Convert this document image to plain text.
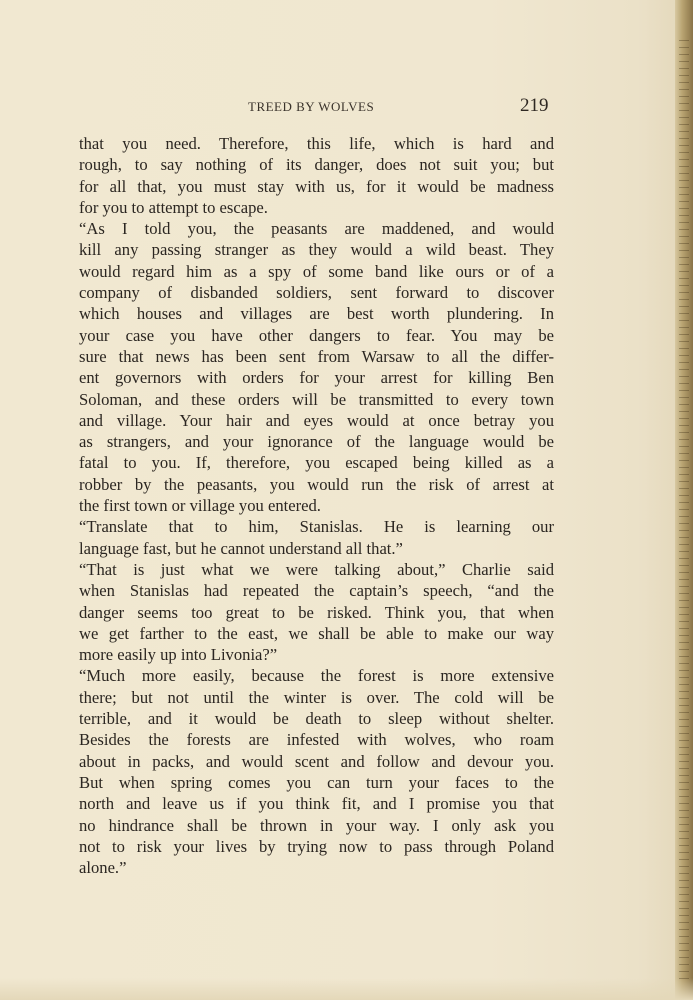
TREED BY WOLVES	219
that you need. Therefore, this life, which is hard and
rough, to say nothing of its danger, does not suit you; but
for all that, you must stay with us, for it would be madness
for you to attempt to escape.
“As I told you, the peasants are maddened, and would
kill any passing stranger as they would a wild beast. They
would regard him as a spy of some band like ours or of a
company of disbanded soldiers, sent forward to discover
which houses and villages are best worth plundering. In
your case you have other dangers to fear. You may be
sure that news has been sent from Warsaw to all the differ-
ent governors with orders for your arrest for killing Ben
Soloman, and these orders will be transmitted to every town
and village. Your hair and eyes would at once betray you
as strangers, and your ignorance of the language would be
fatal to you. If, therefore, you escaped being killed as a
robber by the peasants, you would run the risk of arrest at
the first town or village you entered.
“Translate that to him, Stanislas. He is learning our
language fast, but he cannot understand all that.”
“That is just what we were talking about,” Charlie said
when Stanislas had repeated the captain’s speech, “and the
danger seems too great to be risked. Think you, that when
we get farther to the east, we shall be able to make our way
more easily up into Livonia?”
“Much more easily, because the forest is more extensive
there; but not until the winter is over. The cold will be
terrible, and it would be death to sleep without shelter.
Besides the forests are infested with wolves, who roam
about in packs, and would scent and follow and devour you.
But when spring comes you can turn your faces to the
north and leave us if you think fit, and I promise you that
no hindrance shall be thrown in your way. I only ask you
not to risk your lives by trying now to pass through Poland
alone.”
